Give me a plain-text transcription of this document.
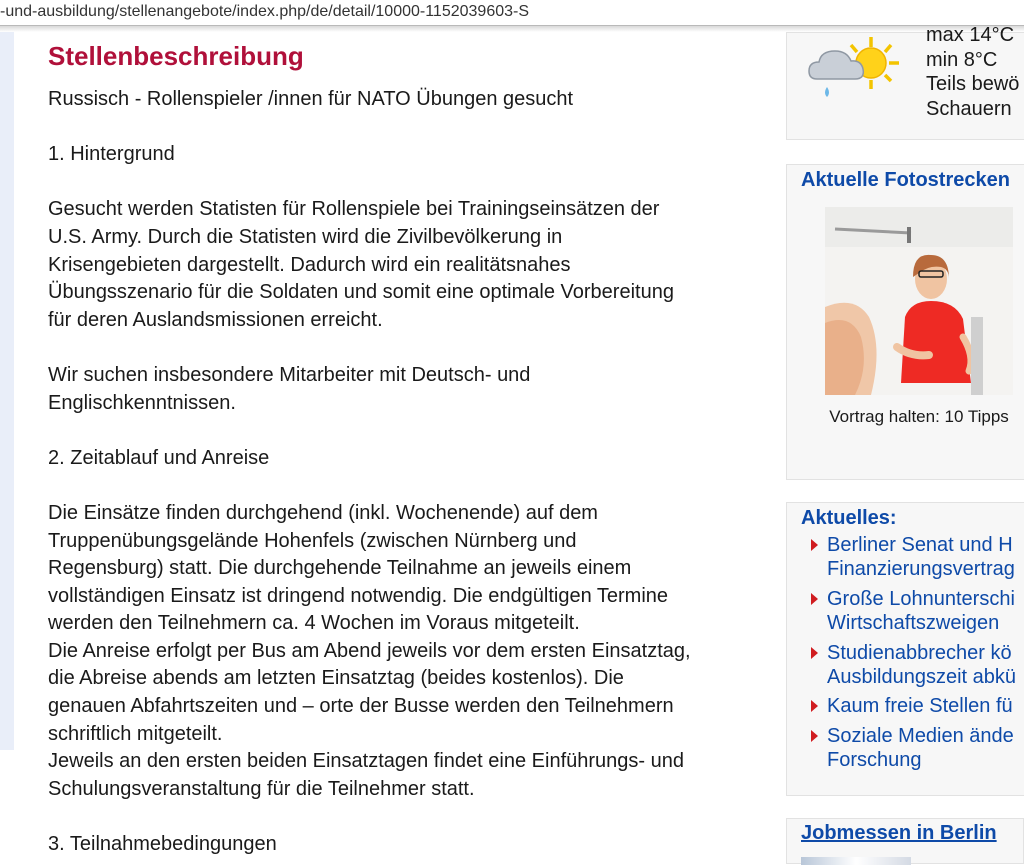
-und-ausbildung/stellenangebote/index.php/de/detail/10000-1152039603-S
Stellenbeschreibung

Russisch - Rollenspieler /innen für NATO Übungen gesucht

1. Hintergrund

Gesucht werden Statisten für Rollenspiele bei Trainingseinsätzen der

U.S. Army. Durch die Statisten wird die Zivilbevölkerung in

Krisengebieten dargestellt. Dadurch wird ein realitätsnahes

Übungsszenario für die Soldaten und somit eine optimale Vorbereitung

für deren Auslandsmissionen erreicht.

Wir suchen insbesondere Mitarbeiter mit Deutsch- und

Englischkenntnissen.

2. Zeitablauf und Anreise

Die Einsätze finden durchgehend (inkl. Wochenende) auf dem

Truppenübungsgelände Hohenfels (zwischen Nürnberg und

Regensburg) statt. Die durchgehende Teilnahme an jeweils einem

vollständigen Einsatz ist dringend notwendig. Die endgültigen Termine

werden den Teilnehmern ca. 4 Wochen im Voraus mitgeteilt.

Die Anreise erfolgt per Bus am Abend jeweils vor dem ersten Einsatztag,

die Abreise abends am letzten Einsatztag (beides kostenlos). Die

genauen Abfahrtszeiten und – orte der Busse werden den Teilnehmern

schriftlich mitgeteilt.

Jeweils an den ersten beiden Einsatztagen findet eine Einführungs- und

Schulungsveranstaltung für die Teilnehmer statt.

3. Teilnahmebedingungen

max 14°C
min 8°C
Teils bewö
Schauern
Aktuelle Fotostrecken
Vortrag halten: 10 Tipps
Aktuelles:
Berliner Senat und H
Finanzierungsvertrag
Große Lohnunterschi
Wirtschaftszweigen
Studienabbrecher kö
Ausbildungszeit abkü
Kaum freie Stellen fü
Soziale Medien ände
Forschung
Jobmessen in Berlin
